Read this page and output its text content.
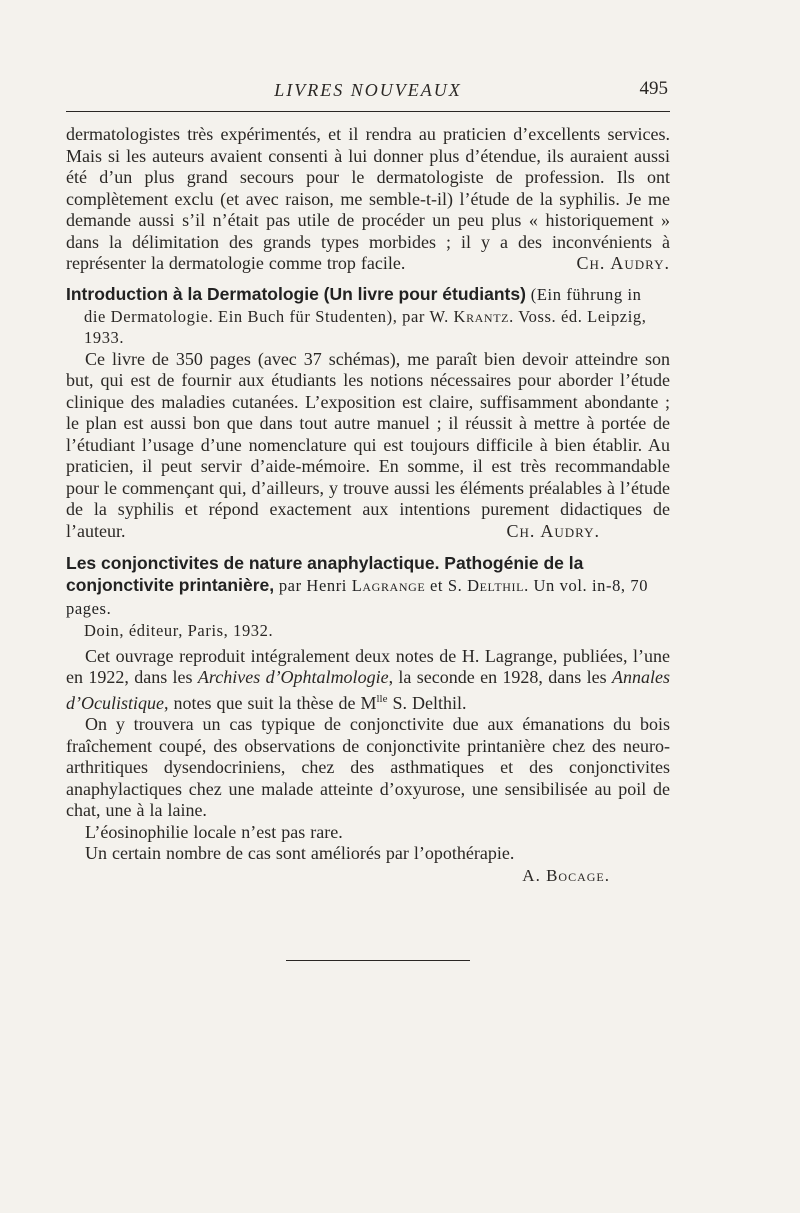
LIVRES NOUVEAUX	495

dermatologistes très expérimentés, et il rendra au praticien d’excellents services. Mais si les auteurs avaient consenti à lui donner plus d’étendue, ils auraient aussi été d’un plus grand secours pour le dermatologiste de profession. Ils ont complètement exclu (et avec raison, me semble-t-il) l’étude de la syphilis. Je me demande aussi s’il n’était pas utile de procéder un peu plus « historiquement » dans la délimitation des grands types morbides ; il y a des inconvénients à représenter la dermatologie comme trop facile.	Ch. Audry.

Introduction à la Dermatologie (Un livre pour étudiants) (Ein führung in

die Dermatologie. Ein Buch für Studenten), par W. Krantz. Voss. éd. Leipzig, 1933.

Ce livre de 350 pages (avec 37 schémas), me paraît bien devoir atteindre son but, qui est de fournir aux étudiants les notions nécessaires pour aborder l’étude clinique des maladies cutanées. L’exposition est claire, suffisamment abondante ; le plan est aussi bon que dans tout autre manuel ; il réussit à mettre à portée de l’étudiant l’usage d’une nomenclature qui est toujours difficile à bien établir. Au praticien, il peut servir d’aide-mémoire. En somme, il est très recommandable pour le commençant qui, d’ailleurs, y trouve aussi les éléments préalables à l’étude de la syphilis et répond exactement aux intentions purement didactiques de l’auteur.	Ch. Audry.

Les conjonctivites de nature anaphylactique. Pathogénie de la conjonctivite printanière, par Henri Lagrange et S. Delthil. Un vol. in-8, 70 pages.

Doin, éditeur, Paris, 1932.

Cet ouvrage reproduit intégralement deux notes de H. Lagrange, publiées, l’une en 1922, dans les Archives d’Ophtalmologie, la seconde en 1928, dans les Annales d’Oculistique, notes que suit la thèse de $M^{lle}$ S. Delthil.

On y trouvera un cas typique de conjonctivite due aux émanations du bois fraîchement coupé, des observations de conjonctivite printanière chez des neuro-arthritiques dysendocriniens, chez des asthmatiques et des conjonctivites anaphylactiques chez une malade atteinte d’oxyurose, une sensibilisée au poil de chat, une à la laine.

L’éosinophilie locale n’est pas rare.

Un certain nombre de cas sont améliorés par l’opothérapie.

A. Bocage.
